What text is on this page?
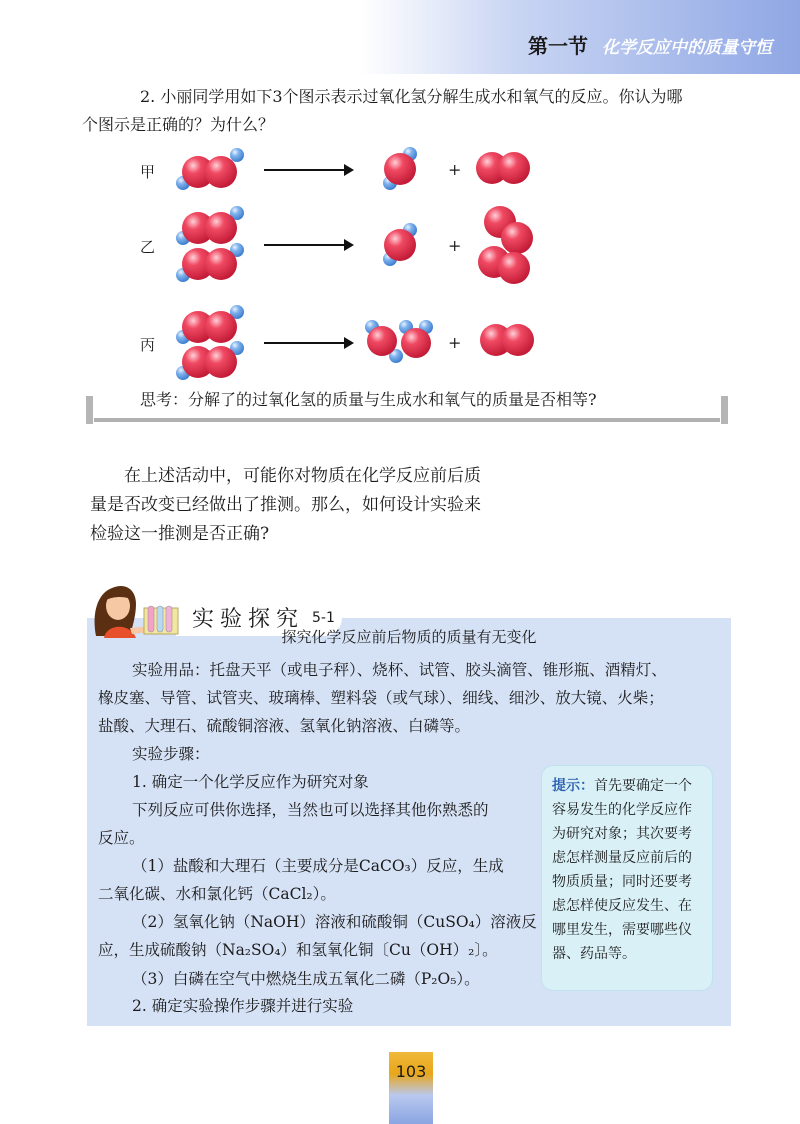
第一节 化学反应中的质量守恒
2. 小丽同学用如下3个图示表示过氧化氢分解生成水和氧气的反应。你认为哪
个图示是正确的？为什么？
甲	+
乙	+
丙	+
思考：分解了的过氧化氢的质量与生成水和氧气的质量是否相等?
在上述活动中，可能你对物质在化学反应前后质
量是否改变已经做出了推测。那么，如何设计实验来
检验这一推测是否正确?
实验探究 5-1
探究化学反应前后物质的质量有无变化
实验用品：托盘天平（或电子秤）、烧杯、试管、胶头滴管、锥形瓶、酒精灯、
橡皮塞、导管、试管夹、玻璃棒、塑料袋（或气球）、细线、细沙、放大镜、火柴；
盐酸、大理石、硫酸铜溶液、氢氧化钠溶液、白磷等。
实验步骤：
1. 确定一个化学反应作为研究对象
下列反应可供你选择，当然也可以选择其他你熟悉的
反应。
（1）盐酸和大理石（主要成分是CaCO₃）反应，生成
二氧化碳、水和氯化钙（CaCl₂）。
（2）氢氧化钠（NaOH）溶液和硫酸铜（CuSO₄）溶液反
应，生成硫酸钠（Na₂SO₄）和氢氧化铜〔Cu（OH）₂〕。
提示：首先要确定一个容易发生的化学反应作为研究对象；其次要考虑怎样测量反应前后的物质质量；同时还要考虑怎样使反应发生、在哪里发生，需要哪些仪器、药品等。
103
（3）白磷在空气中燃烧生成五氧化二磷（P₂O₅）。
2. 确定实验操作步骤并进行实验
